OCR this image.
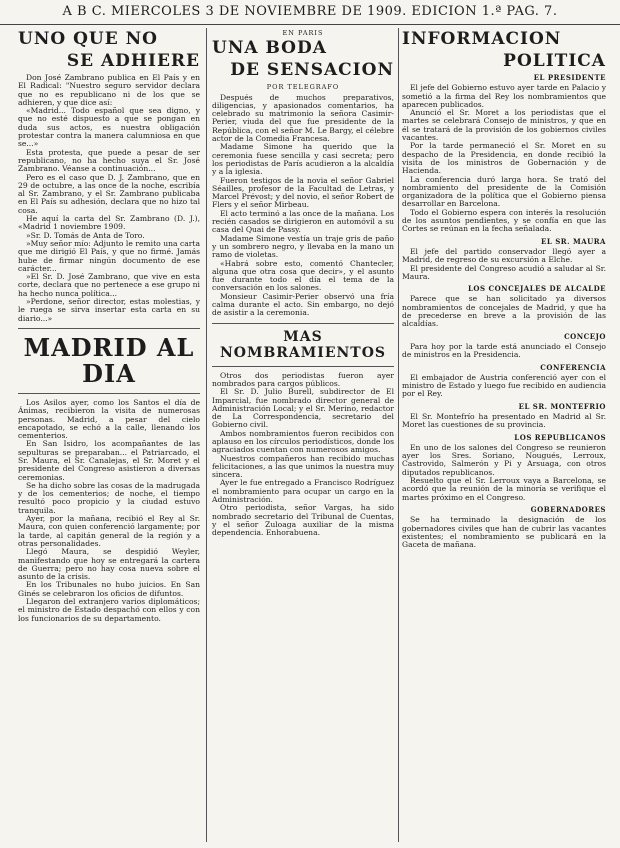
A B C. MIERCOLES 3 DE NOVIEMBRE DE 1909. EDICION 1.ª PAG. 7.
UNO QUE NO
SE ADHIERE

Don José Zambrano publica en El País y en El Radical: "Nuestro seguro servidor declara que no es republicano ni de los que se adhieren, y que dice así:

«Madrid... Todo español que sea digno, y que no esté dispuesto a que se pongan en duda sus actos, es nuestra obligación protestar contra la manera calumniosa en que se...»

Esta protesta, que puede a pesar de ser republicano, no ha hecho suya el Sr. José Zambrano. Véanse a continuación...

Pero es el caso que D. J. Zambrano, que en 29 de octubre, a las once de la noche, escribía al Sr. Zambrano, y el Sr. Zambrano publicaba en El País su adhesión, declara que no hizo tal cosa.

He aquí la carta del Sr. Zambrano (D. J.), «Madrid 1 noviembre 1909.

»Sr. D. Tomás de Anta de Toro.

»Muy señor mío: Adjunto le remito una carta que me dirigió El País, y que no firmé. Jamás hube de firmar ningún documento de ese carácter...

»El Sr. D. José Zambrano, que vive en esta corte, declara que no pertenece a ese grupo ni ha hecho nunca política...

»Perdone, señor director, estas molestias, y le ruega se sirva insertar esta carta en su diario...»

MADRID AL DIA

Los Asilos ayer, como los Santos el día de Ánimas, recibieron la visita de numerosas personas. Madrid, a pesar del cielo encapotado, se echó a la calle, llenando los cementerios.

En San Isidro, los acompañantes de las sepulturas se preparaban... el Patriarcado, el Sr. Maura, el Sr. Canalejas, el Sr. Moret y el presidente del Congreso asistieron a diversas ceremonias.

Se ha dicho sobre las cosas de la madrugada y de los cementerios; de noche, el tiempo resultó poco propicio y la ciudad estuvo tranquila.

Ayer, por la mañana, recibió el Rey al Sr. Maura, con quien conferenció largamente; por la tarde, al capitán general de la región y a otras personalidades.

Llegó Maura, se despidió Weyler, manifestando que hoy se entregará la cartera de Guerra; pero no hay cosa nueva sobre el asunto de la crisis.

En los Tribunales no hubo juicios. En San Ginés se celebraron los oficios de difuntos.

Llegaron del extranjero varios diplomáticos; el ministro de Estado despachó con ellos y con los funcionarios de su departamento.

EN PARIS
UNA BODA
DE SENSACION
POR TELEGRAFO

Después de muchos preparativos, diligencias, y apasionados comentarios, ha celebrado su matrimonio la señora Casimir-Perier, viuda del que fue presidente de la República, con el señor M. Le Bargy, el célebre actor de la Comedia Francesa.

Madame Simone ha querido que la ceremonia fuese sencilla y casi secreta; pero los periodistas de París acudieron a la alcaldía y a la iglesia.

Fueron testigos de la novia el señor Gabriel Séailles, profesor de la Facultad de Letras, y Marcel Prévost; y del novio, el señor Robert de Flers y el señor Mirbeau.

El acto terminó a las once de la mañana. Los recién casados se dirigieron en automóvil a su casa del Quai de Passy.

Madame Simone vestía un traje gris de paño y un sombrero negro, y llevaba en la mano un ramo de violetas.

«Habrá sobre esto, comentó Chantecler, alguna que otra cosa que decir», y el asunto fue durante todo el día el tema de la conversación en los salones.

Monsieur Casimir-Perier observó una fría calma durante el acto. Sin embargo, no dejó de asistir a la ceremonia.

MAS NOMBRAMIENTOS

Otros dos periodistas fueron ayer nombrados para cargos públicos.

El Sr. D. Julio Burell, subdirector de El Imparcial, fue nombrado director general de Administración Local; y el Sr. Merino, redactor de La Correspondencia, secretario del Gobierno civil.

Ambos nombramientos fueron recibidos con aplauso en los círculos periodísticos, donde los agraciados cuentan con numerosos amigos.

Nuestros compañeros han recibido muchas felicitaciones, a las que unimos la nuestra muy sincera.

Ayer le fue entregado a Francisco Rodríguez el nombramiento para ocupar un cargo en la Administración.

Otro periodista, señor Vargas, ha sido nombrado secretario del Tribunal de Cuentas, y el señor Zuloaga auxiliar de la misma dependencia. Enhorabuena.

INFORMACION
POLITICA
EL PRESIDENTE

El jefe del Gobierno estuvo ayer tarde en Palacio y sometió a la firma del Rey los nombramientos que aparecen publicados.

Anunció el Sr. Moret a los periodistas que el martes se celebrará Consejo de ministros, y que en él se tratará de la provisión de los gobiernos civiles vacantes.

Por la tarde permaneció el Sr. Moret en su despacho de la Presidencia, en donde recibió la visita de los ministros de Gobernación y de Hacienda.

La conferencia duró larga hora. Se trató del nombramiento del presidente de la Comisión organizadora de la política que el Gobierno piensa desarrollar en Barcelona.

Todo el Gobierno espera con interés la resolución de los asuntos pendientes, y se confía en que las Cortes se reúnan en la fecha señalada.

EL SR. MAURA

El jefe del partido conservador llegó ayer a Madrid, de regreso de su excursión a Elche.

El presidente del Congreso acudió a saludar al Sr. Maura.

LOS CONCEJALES DE ALCALDE

Parece que se han solicitado ya diversos nombramientos de concejales de Madrid, y que ha de precederse en breve a la provisión de las alcaldías.

CONCEJO

Para hoy por la tarde está anunciado el Consejo de ministros en la Presidencia.

CONFERENCIA

El embajador de Austria conferenció ayer con el ministro de Estado y luego fue recibido en audiencia por el Rey.

EL SR. MONTEFRIO

El Sr. Montefrío ha presentado en Madrid al Sr. Moret las cuestiones de su provincia.

LOS REPUBLICANOS

En uno de los salones del Congreso se reunieron ayer los Sres. Soriano, Nougués, Lerroux, Castrovido, Salmerón y Pi y Arsuaga, con otros diputados republicanos.

Resuelto que el Sr. Lerroux vaya a Barcelona, se acordó que la reunión de la minoría se verifique el martes próximo en el Congreso.

GOBERNADORES

Se ha terminado la designación de los gobernadores civiles que han de cubrir las vacantes existentes; el nombramiento se publicará en la Gaceta de mañana.
